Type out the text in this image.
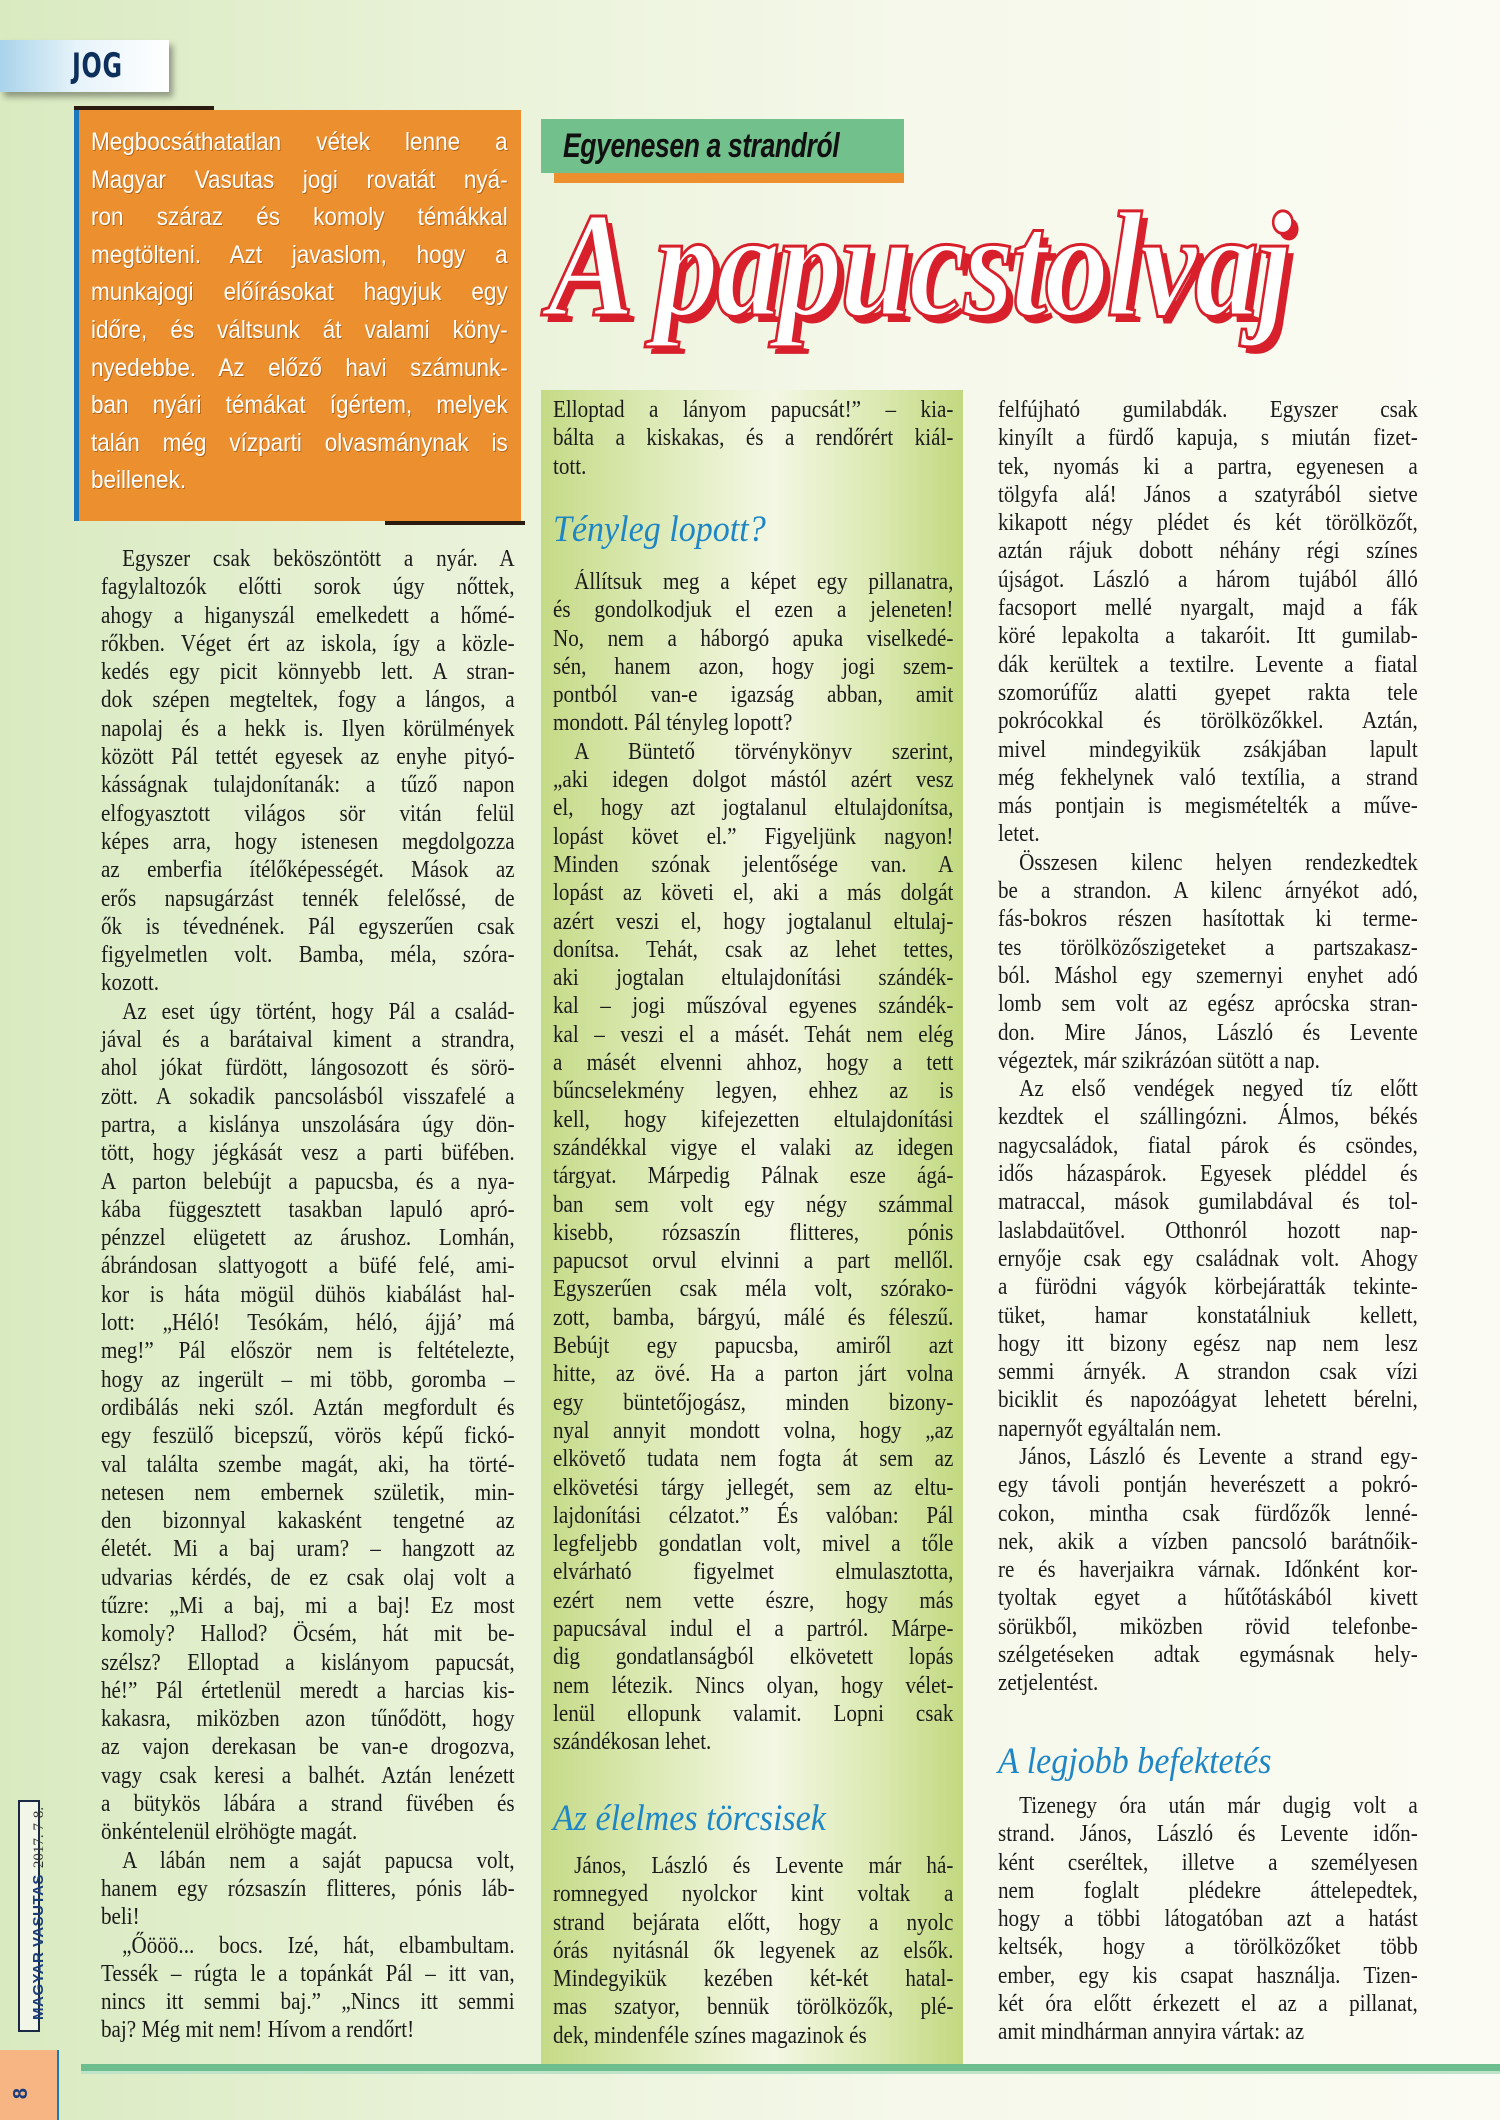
JOG
Megbocsáthatatlan vétek lenne a
Magyar Vasutas jogi rovatát nyá-
ron száraz és komoly témákkal
megtölteni. Azt javaslom, hogy a
munkajogi előírásokat hagyjuk egy
időre, és váltsunk át valami köny-
nyedebbe. Az előző havi számunk-
ban nyári témákat ígértem, melyek
talán még vízparti olvasmánynak is
beillenek.
Egyenesen a strandról
A papucstolvaj
Egyszer csak beköszöntött a nyár. A
fagylaltozók előtti sorok úgy nőttek,
ahogy a higanyszál emelkedett a hőmé-
rőkben. Véget ért az iskola, így a közle-
kedés egy picit könnyebb lett. A stran-
dok szépen megteltek, fogy a lángos, a
napolaj és a hekk is. Ilyen körülmények
között Pál tettét egyesek az enyhe pityó-
kásságnak tulajdonítanák: a tűző napon
elfogyasztott világos sör vitán felül
képes arra, hogy istenesen megdolgozza
az emberfia ítélőképességét. Mások az
erős napsugárzást tennék felelőssé, de
ők is tévednének. Pál egyszerűen csak
figyelmetlen volt. Bamba, méla, szóra-
kozott.
Az eset úgy történt, hogy Pál a család-
jával és a barátaival kiment a strandra,
ahol jókat fürdött, lángosozott és sörö-
zött. A sokadik pancsolásból visszafelé a
partra, a kislánya unszolására úgy dön-
tött, hogy jégkását vesz a parti büfében.
A parton belebújt a papucsba, és a nya-
kába függesztett tasakban lapuló apró-
pénzzel elügetett az árushoz. Lomhán,
ábrándosan slattyogott a büfé felé, ami-
kor is háta mögül dühös kiabálást hal-
lott: „Héló! Tesókám, héló, ájjá’ má
meg!” Pál először nem is feltételezte,
hogy az ingerült – mi több, goromba –
ordibálás neki szól. Aztán megfordult és
egy feszülő bicepszű, vörös képű fickó-
val találta szembe magát, aki, ha törté-
netesen nem embernek születik, min-
den bizonnyal kakasként tengetné az
életét. Mi a baj uram? – hangzott az
udvarias kérdés, de ez csak olaj volt a
tűzre: „Mi a baj, mi a baj! Ez most
komoly? Hallod? Öcsém, hát mit be-
szélsz? Elloptad a kislányom papucsát,
hé!” Pál értetlenül meredt a harcias kis-
kakasra, miközben azon tűnődött, hogy
az vajon derekasan be van-e drogozva,
vagy csak keresi a balhét. Aztán lenézett
a bütykös lábára a strand füvében és
önkéntelenül elröhögte magát.
A lábán nem a saját papucsa volt,
hanem egy rózsaszín flitteres, pónis láb-
beli!
„Őööö... bocs. Izé, hát, elbambultam.
Tessék – rúgta le a topánkát Pál – itt van,
nincs itt semmi baj.” „Nincs itt semmi
baj? Még mit nem! Hívom a rendőrt!
Elloptad a lányom papucsát!” – kia-
bálta a kiskakas, és a rendőrért kiál-
tott.
Tényleg lopott?
Állítsuk meg a képet egy pillanatra,
és gondolkodjuk el ezen a jeleneten!
No, nem a háborgó apuka viselkedé-
sén, hanem azon, hogy jogi szem-
pontból van-e igazság abban, amit
mondott. Pál tényleg lopott?
A Büntető törvénykönyv szerint,
„aki idegen dolgot mástól azért vesz
el, hogy azt jogtalanul eltulajdonítsa,
lopást követ el.” Figyeljünk nagyon!
Minden szónak jelentősége van. A
lopást az követi el, aki a más dolgát
azért veszi el, hogy jogtalanul eltulaj-
donítsa. Tehát, csak az lehet tettes,
aki jogtalan eltulajdonítási szándék-
kal – jogi műszóval egyenes szándék-
kal – veszi el a másét. Tehát nem elég
a másét elvenni ahhoz, hogy a tett
bűncselekmény legyen, ehhez az is
kell, hogy kifejezetten eltulajdonítási
szándékkal vigye el valaki az idegen
tárgyat. Márpedig Pálnak esze ágá-
ban sem volt egy négy számmal
kisebb, rózsaszín flitteres, pónis
papucsot orvul elvinni a part mellől.
Egyszerűen csak méla volt, szórako-
zott, bamba, bárgyú, málé és féleszű.
Bebújt egy papucsba, amiről azt
hitte, az övé. Ha a parton járt volna
egy büntetőjogász, minden bizony-
nyal annyit mondott volna, hogy „az
elkövető tudata nem fogta át sem az
elkövetési tárgy jellegét, sem az eltu-
lajdonítási célzatot.” És valóban: Pál
legfeljebb gondatlan volt, mivel a tőle
elvárható figyelmet elmulasztotta,
ezért nem vette észre, hogy más
papucsával indul el a partról. Márpe-
dig gondatlanságból elkövetett lopás
nem létezik. Nincs olyan, hogy vélet-
lenül ellopunk valamit. Lopni csak
szándékosan lehet.
Az élelmes törcsisek
János, László és Levente már há-
romnegyed nyolckor kint voltak a
strand bejárata előtt, hogy a nyolc
órás nyitásnál ők legyenek az elsők.
Mindegyikük kezében két-két hatal-
mas szatyor, bennük törölközők, plé-
dek, mindenféle színes magazinok és
felfújható gumilabdák. Egyszer csak
kinyílt a fürdő kapuja, s miután fizet-
tek, nyomás ki a partra, egyenesen a
tölgyfa alá! János a szatyrából sietve
kikapott négy plédet és két törölközőt,
aztán rájuk dobott néhány régi színes
újságot. László a három tujából álló
facsoport mellé nyargalt, majd a fák
köré lepakolta a takaróit. Itt gumilab-
dák kerültek a textilre. Levente a fiatal
szomorúfűz alatti gyepet rakta tele
pokrócokkal és törölközőkkel. Aztán,
mivel mindegyikük zsákjában lapult
még fekhelynek való textília, a strand
más pontjain is megismételték a műve-
letet.
Összesen kilenc helyen rendezkedtek
be a strandon. A kilenc árnyékot adó,
fás-bokros részen hasítottak ki terme-
tes törölközőszigeteket a partszakasz-
ból. Máshol egy szemernyi enyhet adó
lomb sem volt az egész aprócska stran-
don. Mire János, László és Levente
végeztek, már szikrázóan sütött a nap.
Az első vendégek negyed tíz előtt
kezdtek el szállingózni. Álmos, békés
nagycsaládok, fiatal párok és csöndes,
idős házaspárok. Egyesek pléddel és
matraccal, mások gumilabdával és tol-
laslabdaütővel. Otthonról hozott nap-
ernyője csak egy családnak volt. Ahogy
a fürödni vágyók körbejáratták tekinte-
tüket, hamar konstatálniuk kellett,
hogy itt bizony egész nap nem lesz
semmi árnyék. A strandon csak vízi
biciklit és napozóágyat lehetett bérelni,
napernyőt egyáltalán nem.
János, László és Levente a strand egy-
egy távoli pontján heverészett a pokró-
cokon, mintha csak fürdőzők lenné-
nek, akik a vízben pancsoló barátnőik-
re és haverjaikra várnak. Időnként kor-
tyoltak egyet a hűtőtáskából kivett
sörükből, miközben rövid telefonbe-
szélgetéseken adtak egymásnak hely-
zetjelentést.
A legjobb befektetés
Tizenegy óra után már dugig volt a
strand. János, László és Levente időn-
ként cseréltek, illetve a személyesen
nem foglalt plédekre áttelepedtek,
hogy a többi látogatóban azt a hatást
keltsék, hogy a törölközőket több
ember, egy kis csapat használja. Tizen-
két óra előtt érkezett el az a pillanat,
amit mindhárman annyira vártak: az
MAGYAR VASUTAS2017. 7-8.
8
